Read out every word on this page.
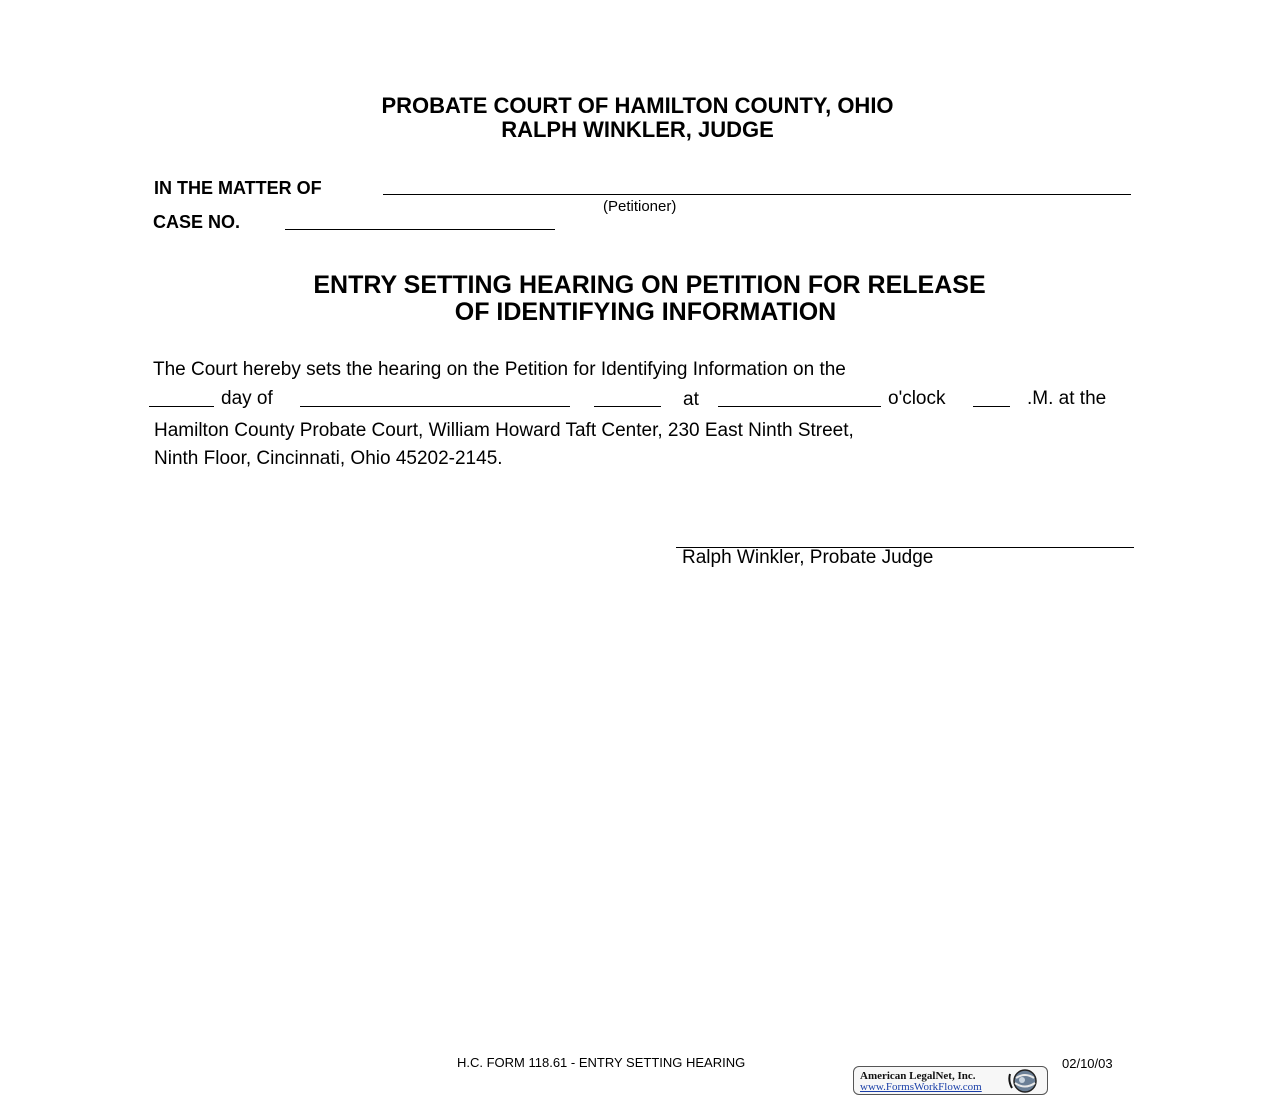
PROBATE COURT OF HAMILTON COUNTY, OHIO
RALPH WINKLER, JUDGE
IN THE MATTER OF
(Petitioner)
CASE NO.
ENTRY SETTING HEARING ON PETITION FOR RELEASE
OF IDENTIFYING INFORMATION
The Court hereby sets the hearing on the Petition for Identifying Information on the
day of	at	o'clock	.M. at the
Hamilton County Probate Court, William Howard Taft Center, 230 East Ninth Street,
Ninth Floor, Cincinnati, Ohio 45202-2145.
Ralph Winkler, Probate Judge
H.C. FORM 118.61 - ENTRY SETTING HEARING	02/10/03
American LegalNet, Inc.
www.FormsWorkFlow.com
